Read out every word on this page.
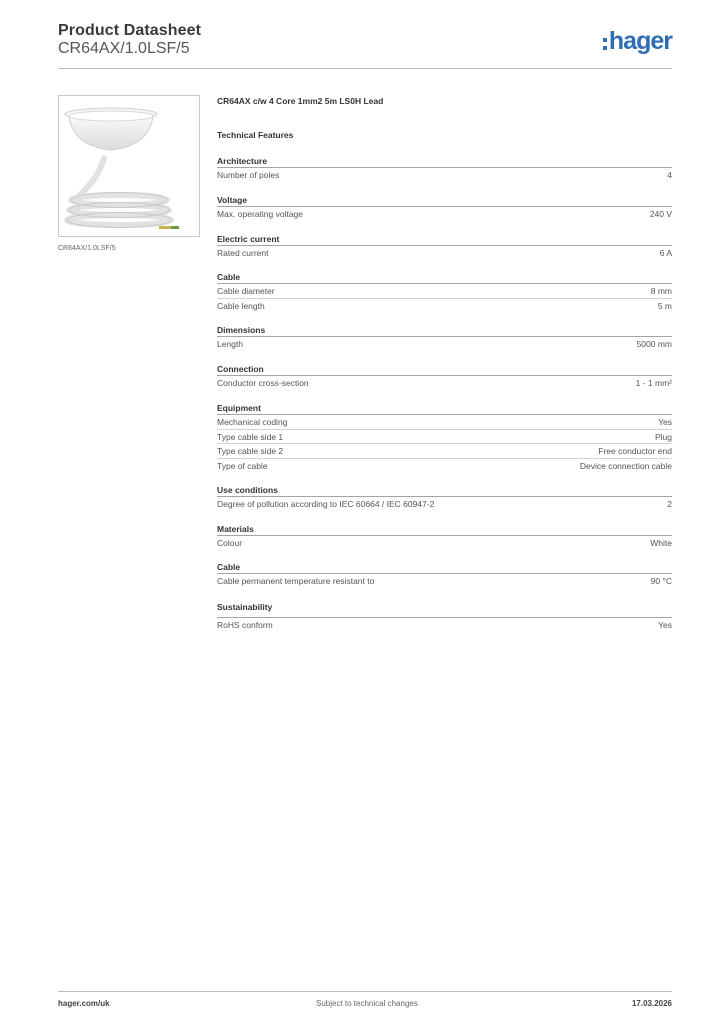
Product Datasheet
CR64AX/1.0LSF/5	hager
CR64AX/1.0LSF/5
CR64AX c/w 4 Core 1mm2 5m LS0H Lead
Technical Features
Architecture
Number of poles	4
Voltage
Max. operating voltage	240 V
Electric current
Rated current	6 A
Cable
Cable diameter	8 mm
Cable length	5 m
Dimensions
Length	5000 mm
Connection
Conductor cross-section	1 - 1 mm²
Equipment
Mechanical coding	Yes
Type cable side 1	Plug
Type cable side 2	Free conductor end
Type of cable	Device connection cable
Use conditions
Degree of pollution according to IEC 60664 / IEC 60947-2	2
Materials
Colour	White
Cable
Cable permanent temperature resistant to	90 °C
Sustainability
RoHS conform	Yes
hager.com/uk	Subject to technical changes	17.03.2026
